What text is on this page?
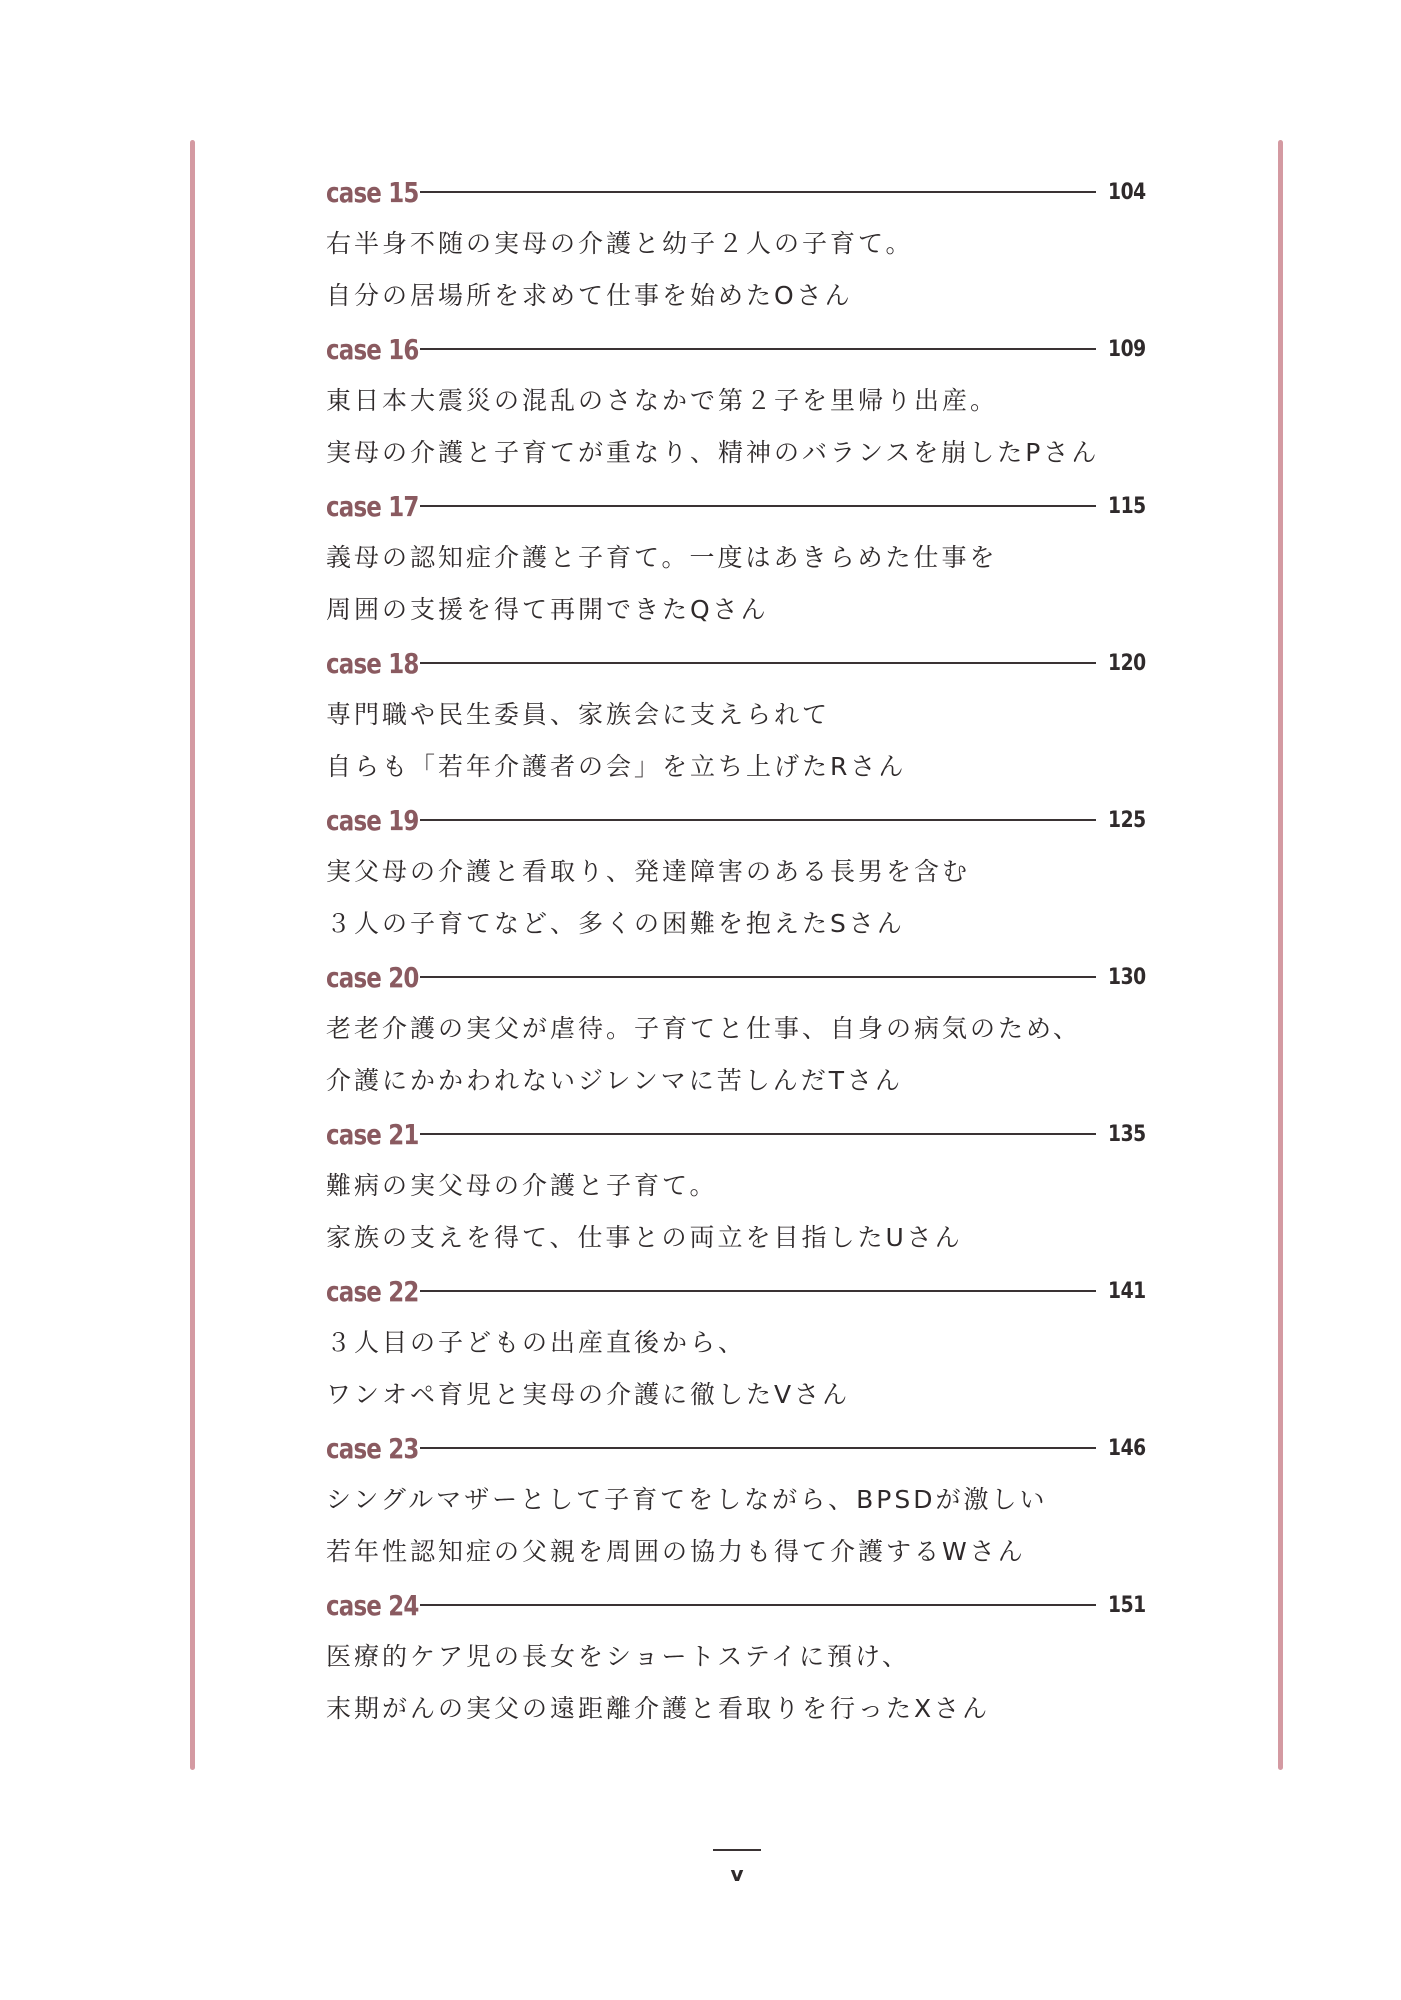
case 15	104
右半身不随の実母の介護と幼子２人の子育て。
自分の居場所を求めて仕事を始めたOさん
case 16	109
東日本大震災の混乱のさなかで第２子を里帰り出産。
実母の介護と子育てが重なり、精神のバランスを崩したPさん
case 17	115
義母の認知症介護と子育て。一度はあきらめた仕事を
周囲の支援を得て再開できたQさん
case 18	120
専門職や民生委員、家族会に支えられて
自らも「若年介護者の会」を立ち上げたRさん
case 19	125
実父母の介護と看取り、発達障害のある長男を含む
３人の子育てなど、多くの困難を抱えたSさん
case 20	130
老老介護の実父が虐待。子育てと仕事、自身の病気のため、
介護にかかわれないジレンマに苦しんだTさん
case 21	135
難病の実父母の介護と子育て。
家族の支えを得て、仕事との両立を目指したUさん
case 22	141
３人目の子どもの出産直後から、
ワンオペ育児と実母の介護に徹したVさん
case 23	146
シングルマザーとして子育てをしながら、BPSDが激しい
若年性認知症の父親を周囲の協力も得て介護するWさん
case 24	151
医療的ケア児の長女をショートステイに預け、
末期がんの実父の遠距離介護と看取りを行ったXさん
v
